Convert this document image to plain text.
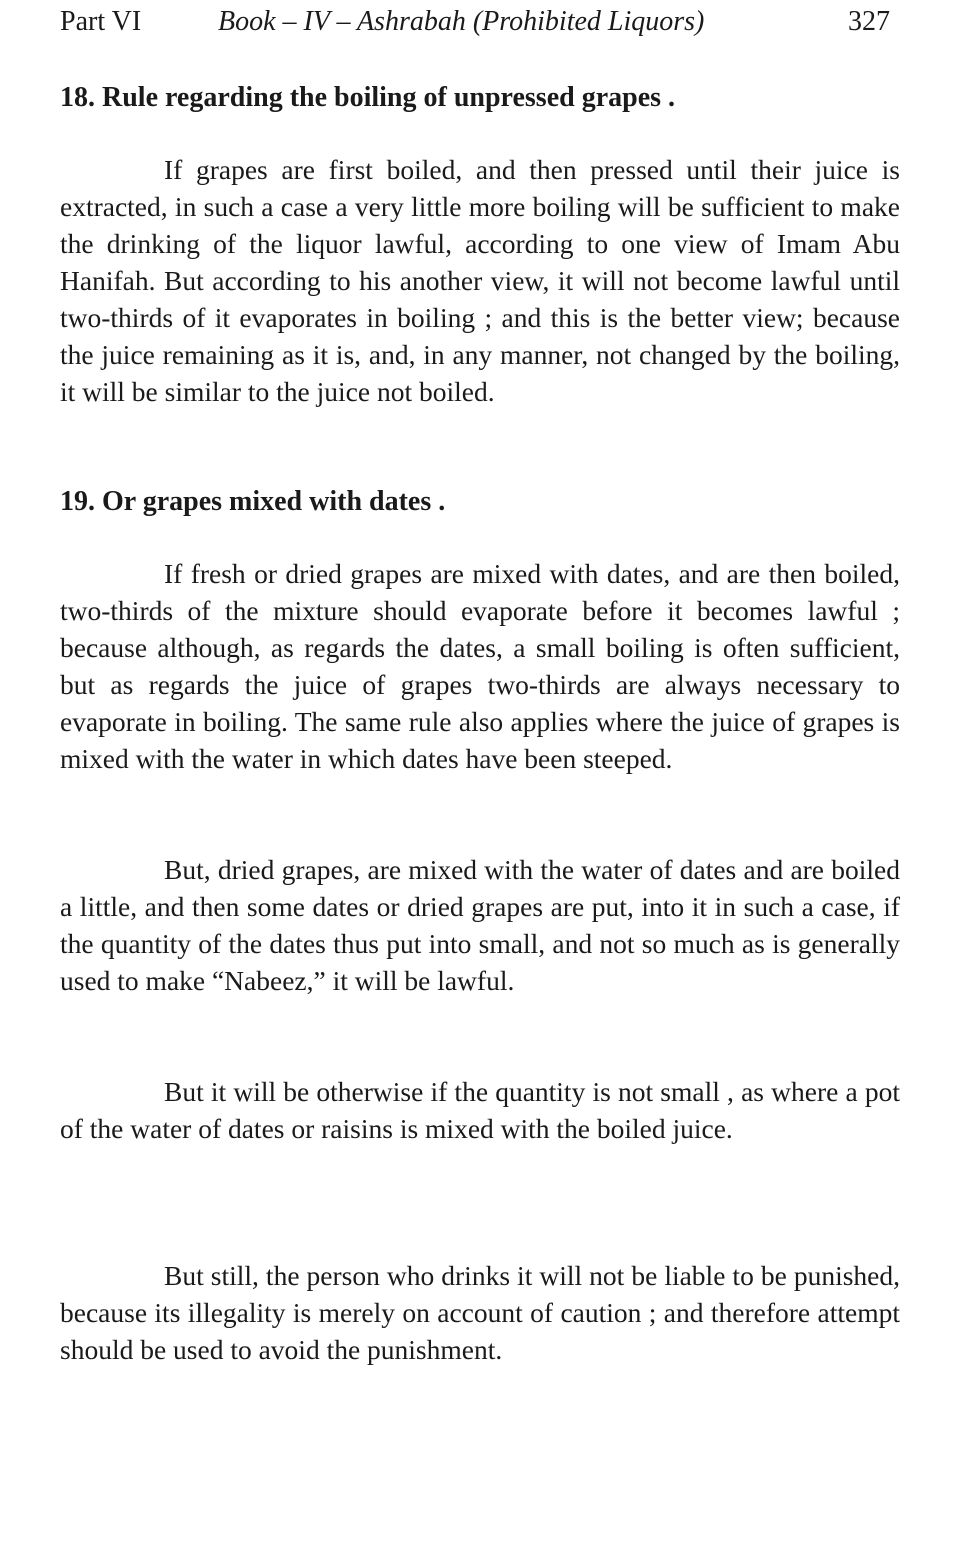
Part VI	Book – IV – Ashrabah (Prohibited Liquors)	327
18. Rule regarding the boiling of unpressed grapes .

If grapes are first boiled, and then pressed until their juice is extracted, in such a case a very little more boiling will be sufficient to make the drinking of the liquor lawful, according to one view of Imam Abu Hanifah. But according to his another view, it will not become lawful until two-thirds of it evaporates in boiling ; and this is the better view; because the juice remaining as it is, and, in any manner, not changed by the boiling, it will be similar to the juice not boiled.

19. Or grapes mixed with dates .

If fresh or dried grapes are mixed with dates, and are then boiled, two-thirds of the mixture should evaporate before it becomes lawful ; because although, as regards the dates, a small boiling is often sufficient, but as regards the juice of grapes two-thirds are always necessary to evaporate in boiling. The same rule also applies where the juice of grapes is mixed with the water in which dates have been steeped.

But, dried grapes, are mixed with the water of dates and are boiled a little, and then some dates or dried grapes are put, into it in such a case, if the quantity of the dates thus put into small, and not so much as is generally used to make “Nabeez,” it will be lawful.

But it will be otherwise if the quantity is not small , as where a pot of the water of dates or raisins is mixed with the boiled juice.

But still, the person who drinks it will not be liable to be punished, because its illegality is merely on account of caution ; and therefore attempt should be used to avoid the punishment.
